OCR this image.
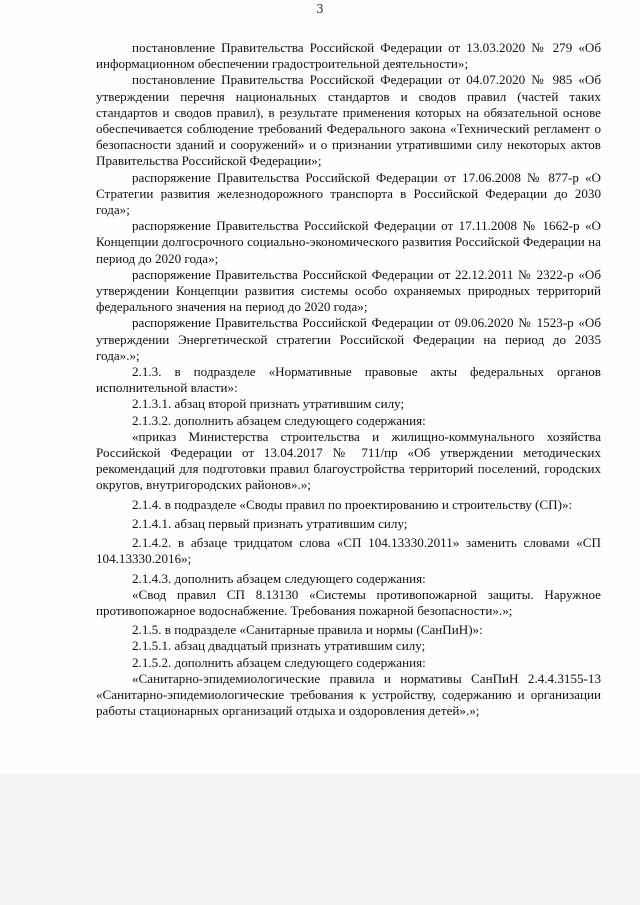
3

постановление Правительства Российской Федерации от 13.03.2020 № 279 «Об информационном обеспечении градостроительной деятельности»;

постановление Правительства Российской Федерации от 04.07.2020 № 985 «Об утверждении перечня национальных стандартов и сводов правил (частей таких стандартов и сводов правил), в результате применения которых на обязательной основе обеспечивается соблюдение требований Федерального закона «Технический регламент о безопасности зданий и сооружений» и о признании утратившими силу некоторых актов Правительства Российской Федерации»;

распоряжение Правительства Российской Федерации от 17.06.2008 № 877-р «О Стратегии развития железнодорожного транспорта в Российской Федерации до 2030 года»;

распоряжение Правительства Российской Федерации от 17.11.2008 № 1662-р «О Концепции долгосрочного социально-экономического развития Российской Федерации на период до 2020 года»;

распоряжение Правительства Российской Федерации от 22.12.2011 № 2322-р «Об утверждении Концепции развития системы особо охраняемых природных территорий федерального значения на период до 2020 года»;

распоряжение Правительства Российской Федерации от 09.06.2020 № 1523-р «Об утверждении Энергетической стратегии Российской Федерации на период до 2035 года».»;

2.1.3. в подразделе «Нормативные правовые акты федеральных органов исполнительной власти»:

2.1.3.1. абзац второй признать утратившим силу;

2.1.3.2. дополнить абзацем следующего содержания:

«приказ Министерства строительства и жилищно-коммунального хозяйства Российской Федерации от 13.04.2017 № 711/пр «Об утверждении методических рекомендаций для подготовки правил благоустройства территорий поселений, городских округов, внутригородских районов».»;

2.1.4. в подразделе «Своды правил по проектированию и строительству (СП)»:

2.1.4.1. абзац первый признать утратившим силу;

2.1.4.2. в абзаце тридцатом слова «СП 104.13330.2011» заменить словами «СП 104.13330.2016»;

2.1.4.3. дополнить абзацем следующего содержания:

«Свод правил СП 8.13130 «Системы противопожарной защиты. Наружное противопожарное водоснабжение. Требования пожарной безопасности».»;

2.1.5. в подразделе «Санитарные правила и нормы (СанПиН)»:

2.1.5.1. абзац двадцатый признать утратившим силу;

2.1.5.2. дополнить абзацем следующего содержания:

«Санитарно-эпидемиологические правила и нормативы СанПиН 2.4.4.3155-13 «Санитарно-эпидемиологические требования к устройству, содержанию и организации работы стационарных организаций отдыха и оздоровления детей».»;
